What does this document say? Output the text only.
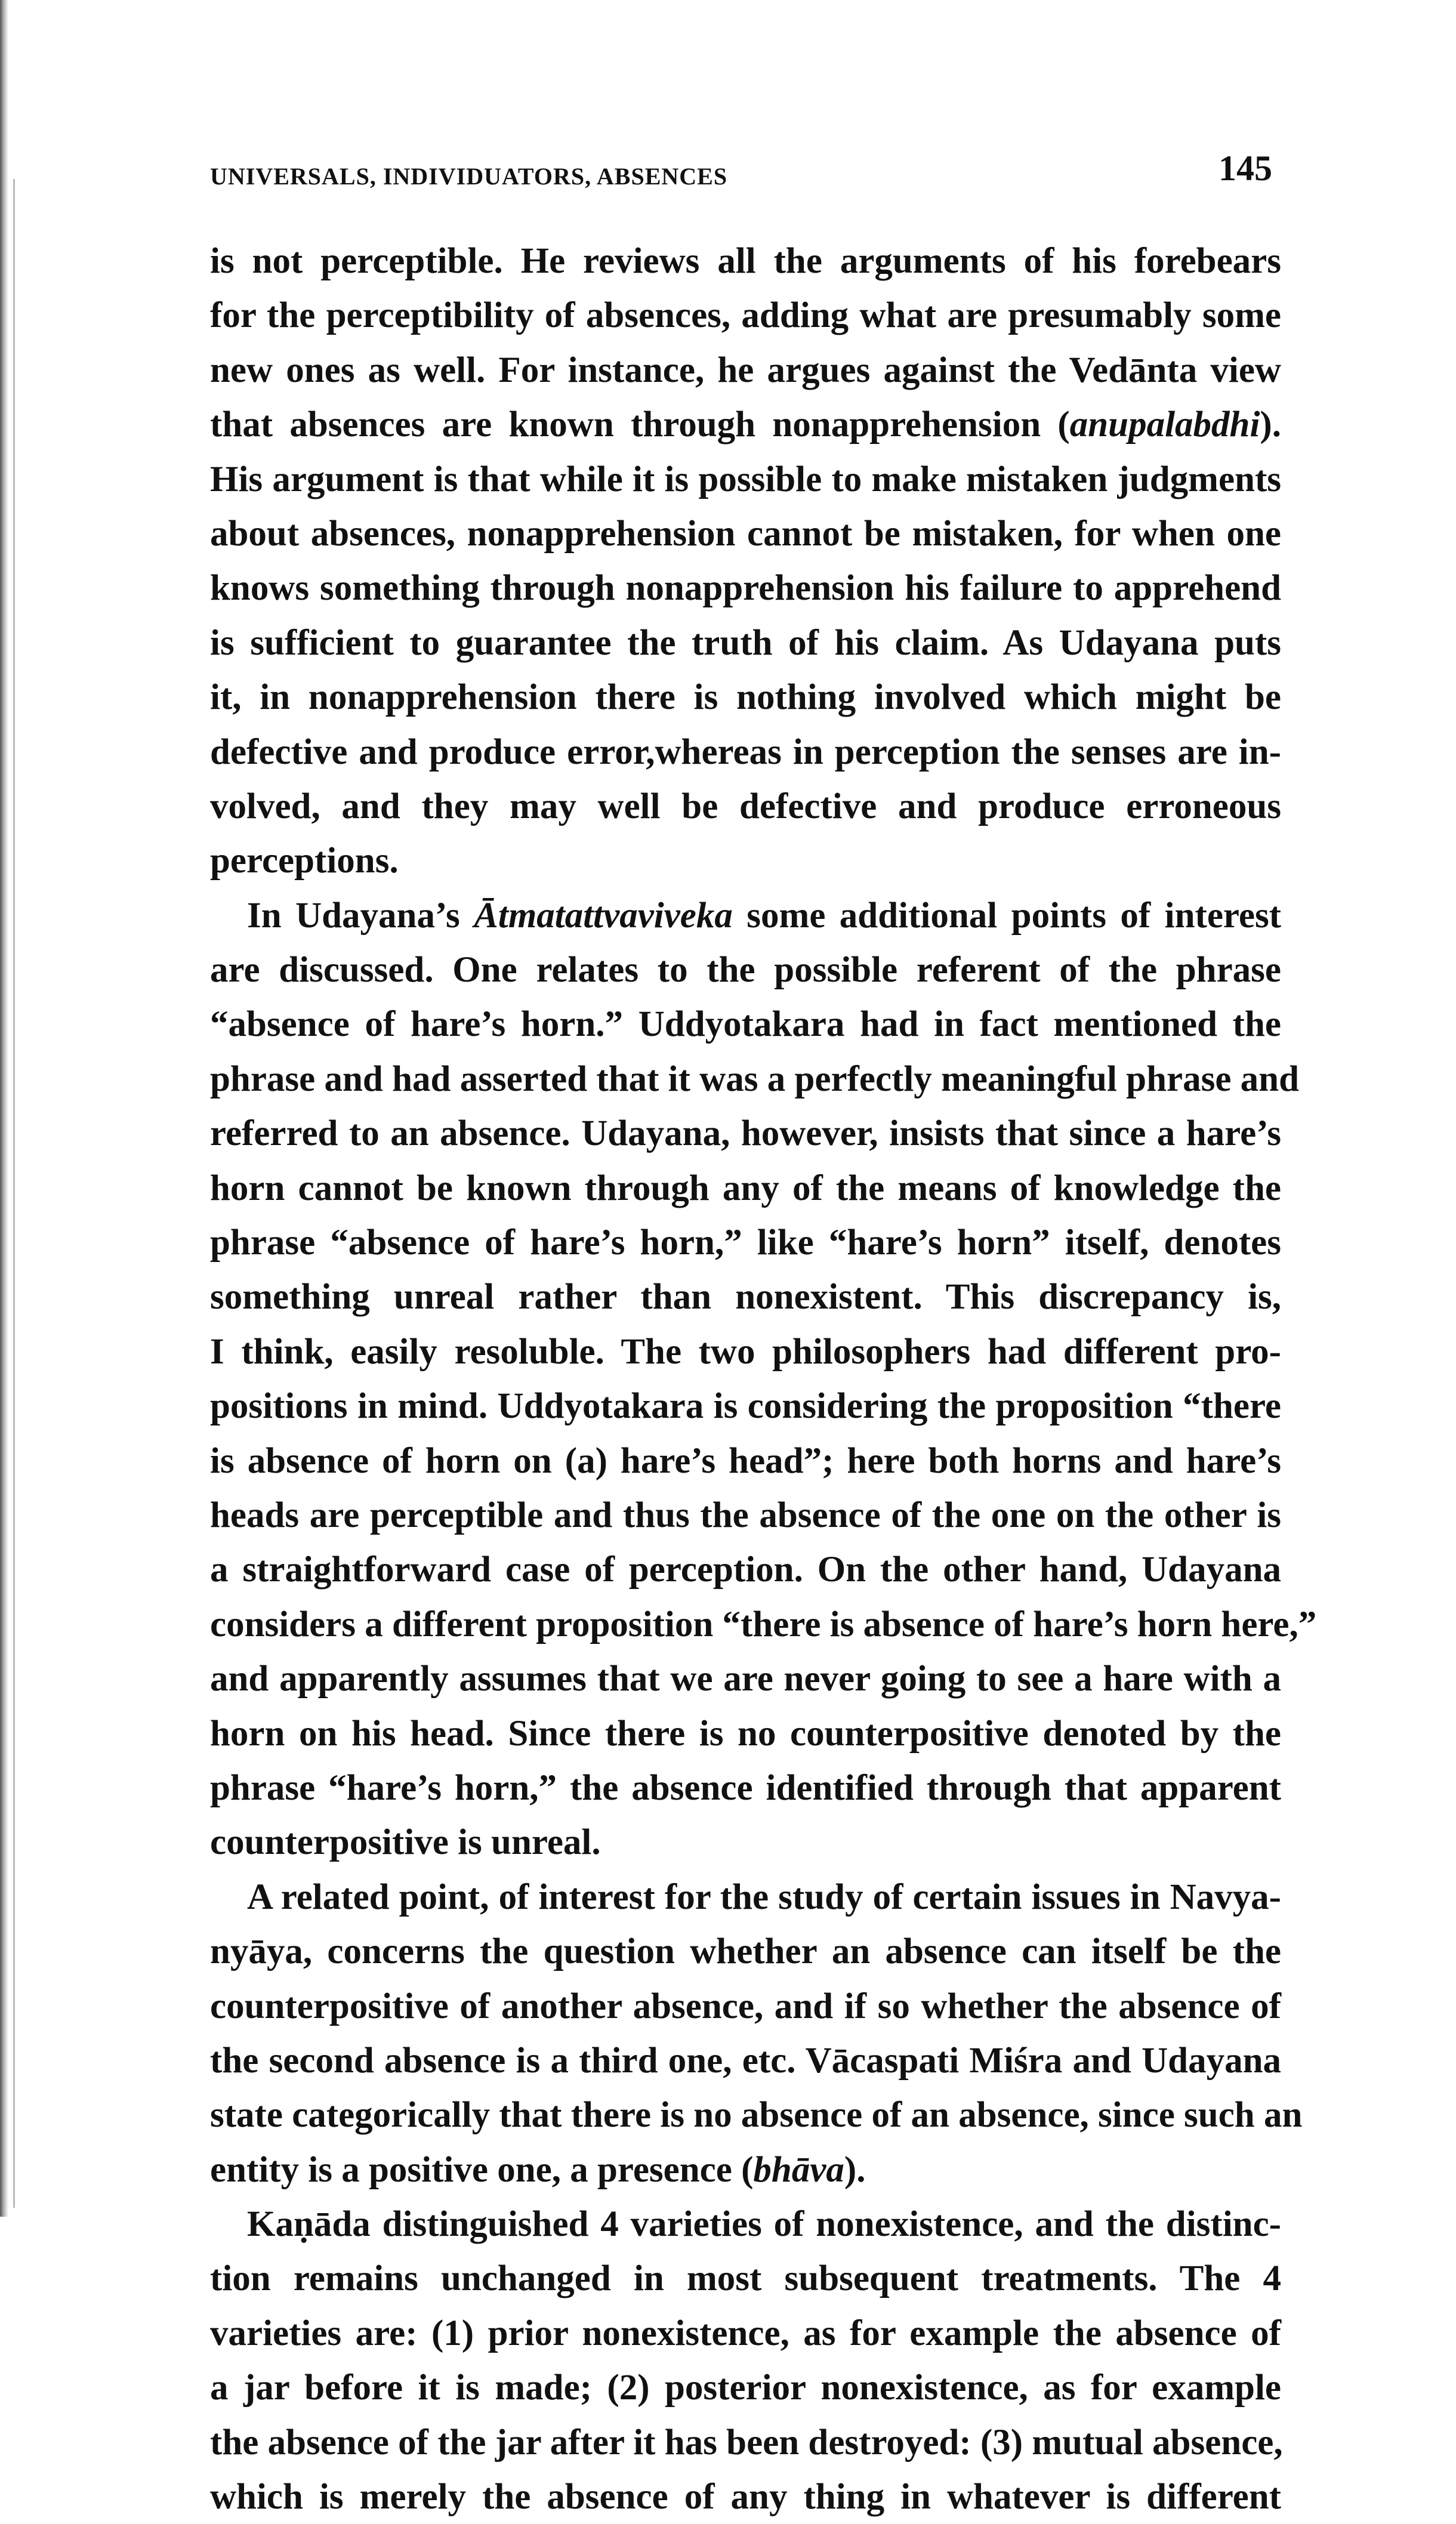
UNIVERSALS, INDIVIDUATORS, ABSENCES	145
is not perceptible. He reviews all the arguments of his forebears
for the perceptibility of absences, adding what are presumably some
new ones as well. For instance, he argues against the Vedānta view
that absences are known through nonapprehension (anupalabdhi).
His argument is that while it is possible to make mistaken judgments
about absences, nonapprehension cannot be mistaken, for when one
knows something through nonapprehension his failure to apprehend
is sufficient to guarantee the truth of his claim. As Udayana puts
it, in nonapprehension there is nothing involved which might be
defective and produce error,whereas in perception the senses are in-
volved, and they may well be defective and produce erroneous
perceptions.
In Udayana’s Ātmatattvaviveka some additional points of interest
are discussed. One relates to the possible referent of the phrase
“absence of hare’s horn.” Uddyotakara had in fact mentioned the
phrase and had asserted that it was a perfectly meaningful phrase and
referred to an absence. Udayana, however, insists that since a hare’s
horn cannot be known through any of the means of knowledge the
phrase “absence of hare’s horn,” like “hare’s horn” itself, denotes
something unreal rather than nonexistent. This discrepancy is,
I think, easily resoluble. The two philosophers had different pro-
positions in mind. Uddyotakara is considering the proposition “there
is absence of horn on (a) hare’s head”; here both horns and hare’s
heads are perceptible and thus the absence of the one on the other is
a straightforward case of perception. On the other hand, Udayana
considers a different proposition “there is absence of hare’s horn here,”
and apparently assumes that we are never going to see a hare with a
horn on his head. Since there is no counterpositive denoted by the
phrase “hare’s horn,” the absence identified through that apparent
counterpositive is unreal.
A related point, of interest for the study of certain issues in Navya-
nyāya, concerns the question whether an absence can itself be the
counterpositive of another absence, and if so whether the absence of
the second absence is a third one, etc. Vācaspati Miśra and Udayana
state categorically that there is no absence of an absence, since such an
entity is a positive one, a presence (bhāva).
Kaṇāda distinguished 4 varieties of nonexistence, and the distinc-
tion remains unchanged in most subsequent treatments. The 4
varieties are: (1) prior nonexistence, as for example the absence of
a jar before it is made; (2) posterior nonexistence, as for example
the absence of the jar after it has been destroyed: (3) mutual absence,
which is merely the absence of any thing in whatever is different
